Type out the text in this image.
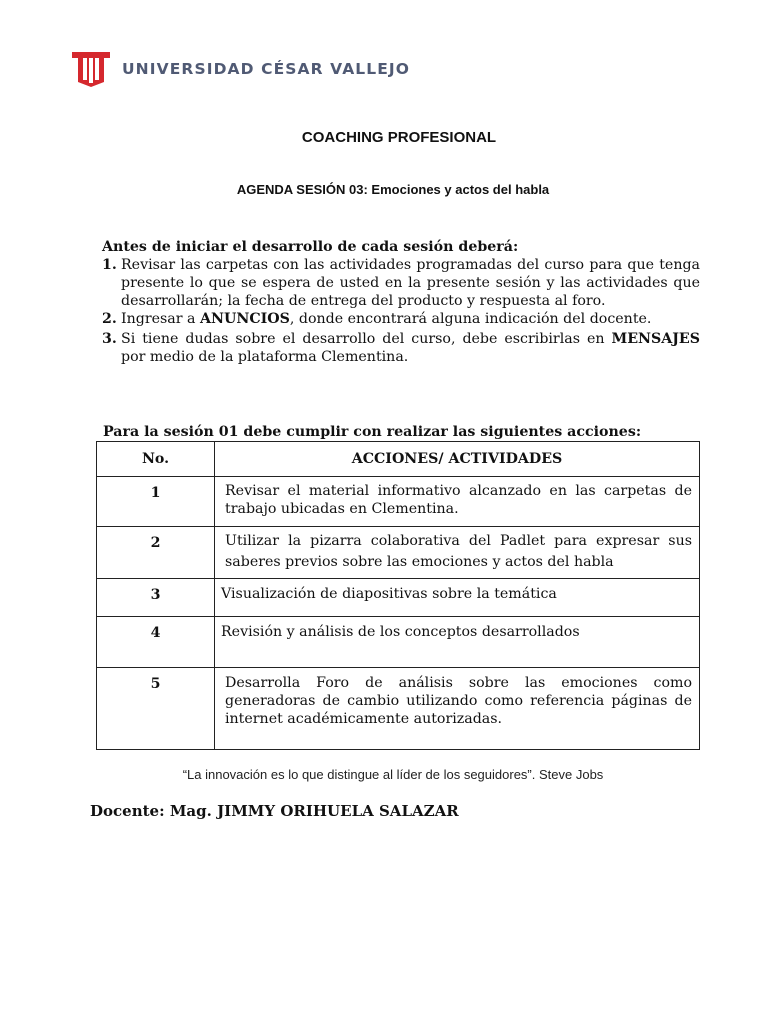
UNIVERSIDAD CÉSAR VALLEJO
COACHING PROFESIONAL
AGENDA SESIÓN 03: Emociones y actos del habla
Antes de iniciar el desarrollo de cada sesión deberá:
1. Revisar las carpetas con las actividades programadas del curso para que tenga presente lo que se espera de usted en la presente sesión y las actividades que desarrollarán; la fecha de entrega del producto y respuesta al foro.
2. Ingresar a ANUNCIOS, donde encontrará alguna indicación del docente.
3. Si tiene dudas sobre el desarrollo del curso, debe escribirlas en MENSAJES por medio de la plataforma Clementina.
Para la sesión 01 debe cumplir con realizar las siguientes acciones:
No.	ACCIONES/ ACTIVIDADES
1	Revisar el material informativo alcanzado en las carpetas de trabajo ubicadas en Clementina.
2	Utilizar la pizarra colaborativa del Padlet para expresar sus saberes previos sobre las emociones y actos del habla
3	Visualización de diapositivas sobre la temática
4	Revisión y análisis de los conceptos desarrollados
5	Desarrolla Foro de análisis sobre las emociones como generadoras de cambio utilizando como referencia páginas de internet académicamente autorizadas.
“La innovación es lo que distingue al líder de los seguidores”. Steve Jobs
Docente: Mag. JIMMY ORIHUELA SALAZAR
